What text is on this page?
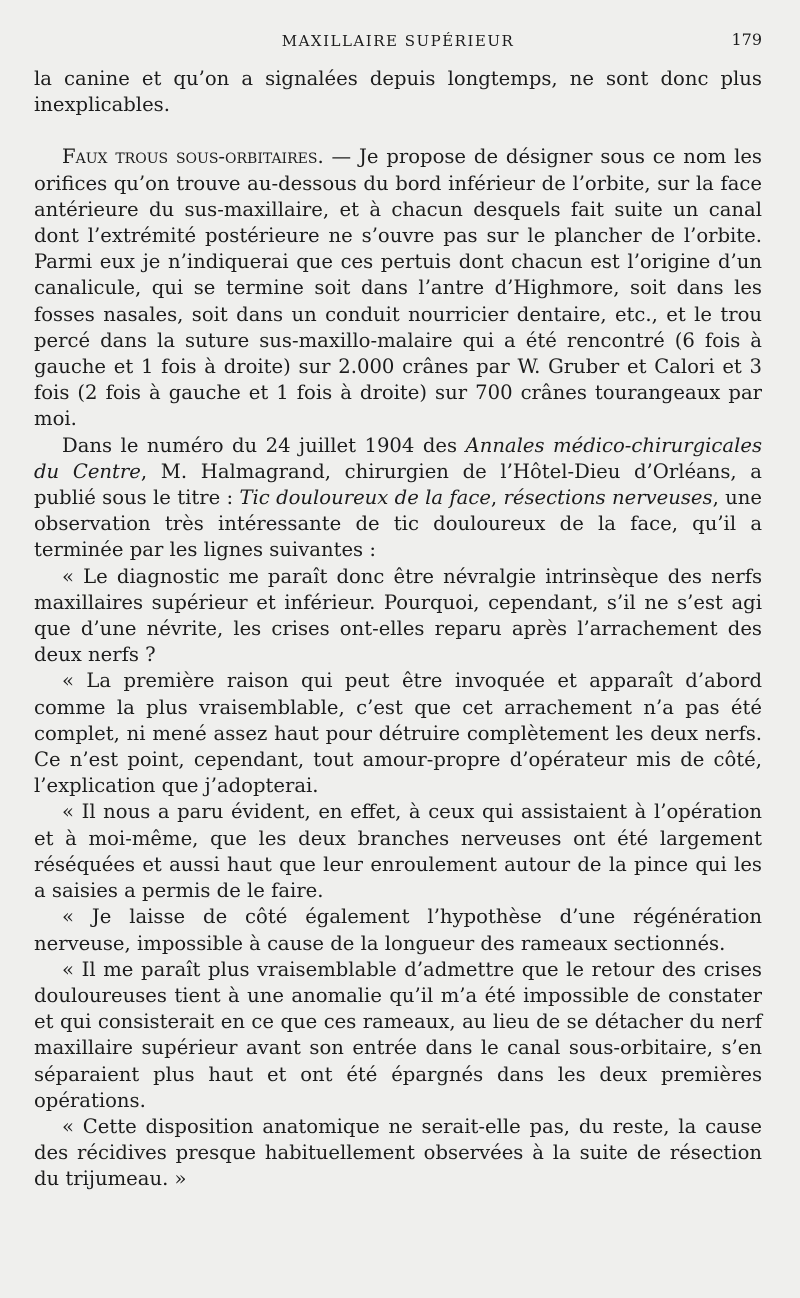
MAXILLAIRE SUPÉRIEUR	179

la canine et qu’on a signalées depuis longtemps, ne sont donc plus inexplicables.

Faux trous sous-orbitaires. — Je propose de désigner sous ce nom les orifices qu’on trouve au-dessous du bord inférieur de l’orbite, sur la face antérieure du sus-maxillaire, et à chacun desquels fait suite un canal dont l’extrémité postérieure ne s’ouvre pas sur le plancher de l’orbite. Parmi eux je n’indiquerai que ces pertuis dont chacun est l’origine d’un canalicule, qui se termine soit dans l’antre d’Highmore, soit dans les fosses nasales, soit dans un conduit nourricier dentaire, etc., et le trou percé dans la suture sus-maxillo-malaire qui a été rencontré (6 fois à gauche et 1 fois à droite) sur 2.000 crânes par W. Gruber et Calori et 3 fois (2 fois à gauche et 1 fois à droite) sur 700 crânes tourangeaux par moi.

Dans le numéro du 24 juillet 1904 des Annales médico-chirurgicales du Centre, M. Halmagrand, chirurgien de l’Hôtel-Dieu d’Orléans, a publié sous le titre : Tic douloureux de la face, résections nerveuses, une observation très intéressante de tic douloureux de la face, qu’il a terminée par les lignes suivantes :

« Le diagnostic me paraît donc être névralgie intrinsèque des nerfs maxillaires supérieur et inférieur. Pourquoi, cependant, s’il ne s’est agi que d’une névrite, les crises ont-elles reparu après l’arrachement des deux nerfs ?

« La première raison qui peut être invoquée et apparaît d’abord comme la plus vraisemblable, c’est que cet arrachement n’a pas été complet, ni mené assez haut pour détruire complètement les deux nerfs. Ce n’est point, cependant, tout amour-propre d’opérateur mis de côté, l’explication que j’adopterai.

« Il nous a paru évident, en effet, à ceux qui assistaient à l’opération et à moi-même, que les deux branches nerveuses ont été largement réséquées et aussi haut que leur enroulement autour de la pince qui les a saisies a permis de le faire.

« Je laisse de côté également l’hypothèse d’une régénération nerveuse, impossible à cause de la longueur des rameaux sectionnés.

« Il me paraît plus vraisemblable d’admettre que le retour des crises douloureuses tient à une anomalie qu’il m’a été impossible de constater et qui consisterait en ce que ces rameaux, au lieu de se détacher du nerf maxillaire supérieur avant son entrée dans le canal sous-orbitaire, s’en séparaient plus haut et ont été épargnés dans les deux premières opérations.

« Cette disposition anatomique ne serait-elle pas, du reste, la cause des récidives presque habituellement observées à la suite de résection du trijumeau. »
